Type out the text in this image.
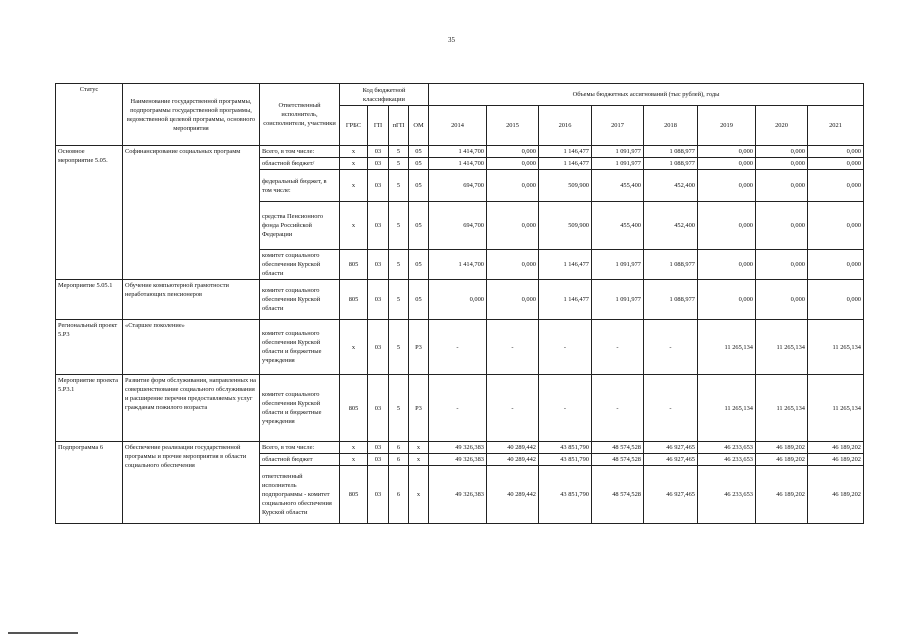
35
Статус	Наименование государственной программы, подпрограммы государственной программы, ведомственной целевой программы, основного мероприятия	Ответственный исполнитель, соисполнители, участники	Код бюджетной классификации				Объемы бюджетных ассигнований (тыс рублей), годы							
			ГРБС	ГП	пГП	ОМ	2014	2015	2016	2017	2018	2019	2020	2021
Основное мероприятие 5.05.	Софинансирование социальных программ	Всего, в том числе:	x	03	5	05	1 414,700	0,000	1 146,477	1 091,977	1 088,977	0,000	0,000	0,000
		областной бюджет/	x	03	5	05	1 414,700	0,000	1 146,477	1 091,977	1 088,977	0,000	0,000	0,000
		федеральный бюджет, в том числе:	x	03	5	05	694,700	0,000	509,900	455,400	452,400	0,000	0,000	0,000
		средства Пенсионного фонда Российской Федерации	x	03	5	05	694,700	0,000	509,900	455,400	452,400	0,000	0,000	0,000
		комитет социального обеспечения Курской области	805	03	5	05	1 414,700	0,000	1 146,477	1 091,977	1 088,977	0,000	0,000	0,000
Мероприятие 5.05.1	Обучение компьютерной грамотности неработающих пенсионеров	комитет социального обеспечения Курской области	805	03	5	05	0,000	0,000	1 146,477	1 091,977	1 088,977	0,000	0,000	0,000
Региональный проект 5.Р3	«Старшее поколение»	комитет социального обеспечения Курской области и бюджетные учреждения	x	03	5	Р3	-	-	-	-	-	11 265,134	11 265,134	11 265,134
Мероприятие проекта 5.Р3.1	Развитие форм обслуживания, направленных на совершенствование социального обслуживания и расширение перечня предоставляемых услуг гражданам пожилого возраста	комитет социального обеспечения Курской области и бюджетные учреждения	805	03	5	Р3	-	-	-	-	-	11 265,134	11 265,134	11 265,134
Подпрограмма 6	Обеспечение реализации государственной программы и прочие мероприятия в области социального обеспечения	Всего, в том числе:	x	03	6	x	49 326,383	40 289,442	43 851,790	48 574,528	46 927,465	46 233,653	46 189,202	46 189,202
		областной бюджет	x	03	6	x	49 326,383	40 289,442	43 851,790	48 574,528	46 927,465	46 233,653	46 189,202	46 189,202
		ответственный исполнитель подпрограммы - комитет социального обеспечения Курской области	805	03	6	x	49 326,383	40 289,442	43 851,790	48 574,528	46 927,465	46 233,653	46 189,202	46 189,202
